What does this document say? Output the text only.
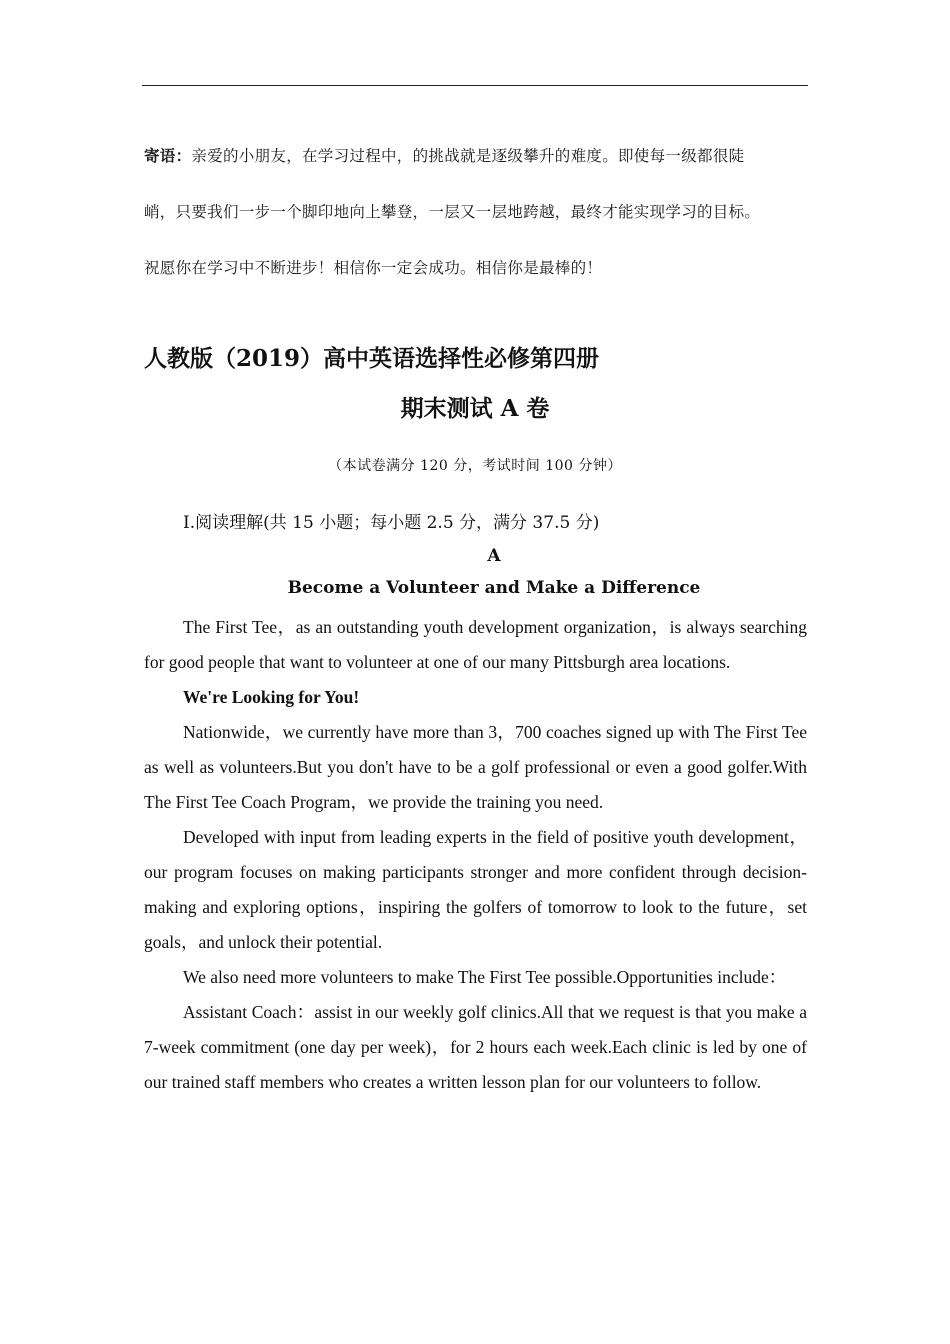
寄语：亲爱的小朋友，在学习过程中，的挑战就是逐级攀升的难度。即使每一级都很陡

峭，只要我们一步一个脚印地向上攀登，一层又一层地跨越，最终才能实现学习的目标。

祝愿你在学习中不断进步！相信你一定会成功。相信你是最棒的！

人教版（2019）高中英语选择性必修第四册
期末测试 A 卷

（本试卷满分 120 分，考试时间 100 分钟）

Ⅰ.阅读理解(共 15 小题；每小题 2.5 分，满分 37.5 分)

A

Become a Volunteer and Make a Difference

The First Tee，as an outstanding youth development organization，is always searching for good people that want to volunteer at one of our many Pittsburgh area locations.

We're Looking for You!

Nationwide，we currently have more than 3，700 coaches signed up with The First Tee as well as volunteers.But you don't have to be a golf professional or even a good golfer.With The First Tee Coach Program，we provide the training you need.

Developed with input from leading experts in the field of positive youth development，our program focuses on making participants stronger and more confident through decision- making and exploring options，inspiring the golfers of tomorrow to look to the future，set goals，and unlock their potential.

We also need more volunteers to make The First Tee possible.Opportunities include：

Assistant Coach：assist in our weekly golf clinics.All that we request is that you make a 7-week commitment (one day per week)，for 2 hours each week.Each clinic is led by one of our trained staff members who creates a written lesson plan for our volunteers to follow.
